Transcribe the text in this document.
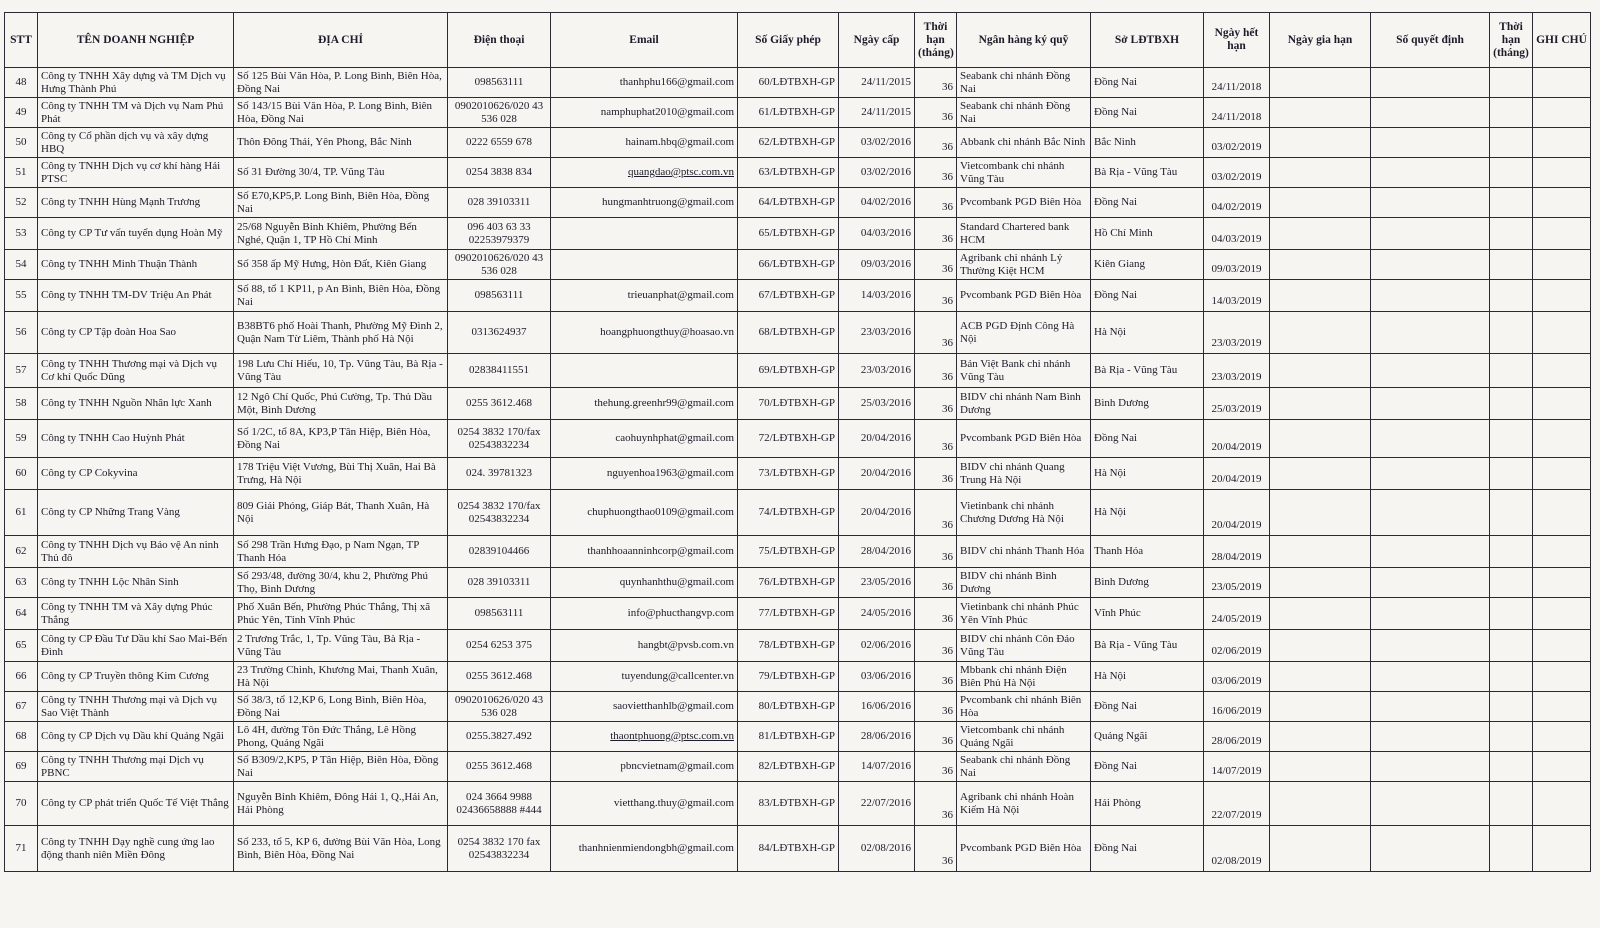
STT	TÊN DOANH NGHIỆP	ĐỊA CHỈ	Điện thoại	Email	Số Giấy phép	Ngày cấp	Thời hạn (tháng)	Ngân hàng ký quỹ	Sở LĐTBXH	Ngày hết hạn	Ngày gia hạn	Số quyết định	Thời hạn (tháng)	GHI CHÚ
48	Công ty TNHH Xây dựng và TM Dịch vụ Hưng Thành Phú	Số 125 Bùi Văn Hòa, P. Long Bình, Biên Hòa, Đồng Nai	098563111	thanhphu166@gmail.com	60/LĐTBXH-GP	24/11/2015	36	Seabank chi nhánh Đồng Nai	Đồng Nai	24/11/2018				
49	Công ty TNHH TM và Dịch vụ Nam Phú Phát	Số 143/15 Bùi Văn Hòa, P. Long Bình, Biên Hòa, Đồng Nai	0902010626/020 43 536 028	namphuphat2010@gmail.com	61/LĐTBXH-GP	24/11/2015	36	Seabank chi nhánh Đồng Nai	Đồng Nai	24/11/2018				
50	Công ty Cổ phần dịch vụ và xây dựng HBQ	Thôn Đông Thái, Yên Phong, Bắc Ninh	0222 6559 678	hainam.hbq@gmail.com	62/LĐTBXH-GP	03/02/2016	36	Abbank chi nhánh Bắc Ninh	Bắc Ninh	03/02/2019				
51	Công ty TNHH Dịch vụ cơ khí hàng Hải PTSC	Số 31 Đường 30/4, TP. Vũng Tàu	0254 3838 834	quangdao@ptsc.com.vn	63/LĐTBXH-GP	03/02/2016	36	Vietcombank chi nhánh Vũng Tàu	Bà Rịa - Vũng Tàu	03/02/2019				
52	Công ty TNHH Hùng Mạnh Trương	Số E70,KP5,P. Long Bình, Biên Hòa, Đồng Nai	028 39103311	hungmanhtruong@gmail.com	64/LĐTBXH-GP	04/02/2016	36	Pvcombank PGD Biên Hòa	Đồng Nai	04/02/2019				
53	Công ty CP Tư vấn tuyển dụng Hoàn Mỹ	25/68 Nguyễn Bỉnh Khiêm, Phường Bến Nghé, Quận 1, TP Hồ Chí Minh	096 403 63 33 02253979379		65/LĐTBXH-GP	04/03/2016	36	Standard Chartered bank HCM	Hồ Chí Minh	04/03/2019				
54	Công ty TNHH Minh Thuận Thành	Số 358 ấp Mỹ Hưng, Hòn Đất, Kiên Giang	0902010626/020 43 536 028		66/LĐTBXH-GP	09/03/2016	36	Agribank chi nhánh Lý Thường Kiệt HCM	Kiên Giang	09/03/2019				
55	Công ty TNHH TM-DV Triệu An Phát	Số 88, tổ 1 KP11, p An Bình, Biên Hòa, Đồng Nai	098563111	trieuanphat@gmail.com	67/LĐTBXH-GP	14/03/2016	36	Pvcombank PGD Biên Hòa	Đồng Nai	14/03/2019				
56	Công ty CP Tập đoàn Hoa Sao	B38BT6 phố Hoài Thanh, Phường Mỹ Đình 2, Quận Nam Từ Liêm, Thành phố Hà Nội	0313624937	hoangphuongthuy@hoasao.vn	68/LĐTBXH-GP	23/03/2016	36	ACB PGD Định Công Hà Nội	Hà Nội	23/03/2019				
57	Công ty TNHH Thương mại và Dịch vụ Cơ khí Quốc Dũng	198 Lưu Chí Hiếu, 10, Tp. Vũng Tàu, Bà Rịa - Vũng Tàu	02838411551		69/LĐTBXH-GP	23/03/2016	36	Bản Việt Bank chi nhánh Vũng Tàu	Bà Rịa - Vũng Tàu	23/03/2019				
58	Công ty TNHH Nguồn Nhân lực Xanh	12 Ngô Chí Quốc, Phú Cường, Tp. Thủ Dầu Một, Bình Dương	0255 3612.468	thehung.greenhr99@gmail.com	70/LĐTBXH-GP	25/03/2016	36	BIDV chi nhánh Nam Bình Dương	Bình Dương	25/03/2019				
59	Công ty TNHH Cao Huỳnh Phát	Số 1/2C, tổ 8A, KP3,P Tân Hiệp, Biên Hòa, Đồng Nai	0254 3832 170/fax 02543832234	caohuynhphat@gmail.com	72/LĐTBXH-GP	20/04/2016	36	Pvcombank PGD Biên Hòa	Đồng Nai	20/04/2019				
60	Công ty CP Cokyvina	178 Triệu Việt Vương, Bùi Thị Xuân, Hai Bà Trưng, Hà Nội	024. 39781323	nguyenhoa1963@gmail.com	73/LĐTBXH-GP	20/04/2016	36	BIDV chi nhánh Quang Trung Hà Nội	Hà Nội	20/04/2019				
61	Công ty CP Những Trang Vàng	809 Giải Phóng, Giáp Bát, Thanh Xuân, Hà Nội	0254 3832 170/fax 02543832234	chuphuongthao0109@gmail.com	74/LĐTBXH-GP	20/04/2016	36	Vietinbank chi nhánh Chương Dương Hà Nội	Hà Nội	20/04/2019				
62	Công ty TNHH Dịch vụ Bảo vệ An ninh Thủ đô	Số 298 Trần Hưng Đạo, p Nam Ngạn, TP Thanh Hóa	02839104466	thanhhoaanninhcorp@gmail.com	75/LĐTBXH-GP	28/04/2016	36	BIDV chi nhánh Thanh Hóa	Thanh Hóa	28/04/2019				
63	Công ty TNHH Lộc Nhân Sinh	Số 293/48, đường 30/4, khu 2, Phường Phú Thọ, Bình Dương	028 39103311	quynhanhthu@gmail.com	76/LĐTBXH-GP	23/05/2016	36	BIDV chi nhánh Bình Dương	Bình Dương	23/05/2019				
64	Công ty TNHH TM và Xây dựng Phúc Thắng	Phố Xuân Bến, Phường Phúc Thắng, Thị xã Phúc Yên, Tỉnh Vĩnh Phúc	098563111	info@phucthangvp.com	77/LĐTBXH-GP	24/05/2016	36	Vietinbank chi nhánh Phúc Yên Vĩnh Phúc	Vĩnh Phúc	24/05/2019				
65	Công ty CP Đầu Tư Dầu khí Sao Mai-Bến Đình	2 Trương Trắc, 1, Tp. Vũng Tàu, Bà Rịa - Vũng Tàu	0254 6253 375	hangbt@pvsb.com.vn	78/LĐTBXH-GP	02/06/2016	36	BIDV chi nhánh Côn Đảo Vũng Tàu	Bà Rịa - Vũng Tàu	02/06/2019				
66	Công ty CP Truyền thông Kim Cương	23 Trường Chinh, Khương Mai, Thanh Xuân, Hà Nội	0255 3612.468	tuyendung@callcenter.vn	79/LĐTBXH-GP	03/06/2016	36	Mbbank chi nhánh Điện Biên Phủ Hà Nội	Hà Nội	03/06/2019				
67	Công ty TNHH Thương mại và Dịch vụ Sao Việt Thành	Số 38/3, tổ 12,KP 6, Long Bình, Biên Hòa, Đồng Nai	0902010626/020 43 536 028	saovietthanhlb@gmail.com	80/LĐTBXH-GP	16/06/2016	36	Pvcombank chi nhánh Biên Hòa	Đồng Nai	16/06/2019				
68	Công ty CP Dịch vụ Dầu khí Quảng Ngãi	Lô 4H, đường Tôn Đức Thắng, Lê Hồng Phong, Quảng Ngãi	0255.3827.492	thaontphuong@ptsc.com.vn	81/LĐTBXH-GP	28/06/2016	36	Vietcombank chi nhánh Quảng Ngãi	Quảng Ngãi	28/06/2019				
69	Công ty TNHH Thương mại Dịch vụ PBNC	Số B309/2,KP5, P Tân Hiệp, Biên Hòa, Đồng Nai	0255 3612.468	pbncvietnam@gmail.com	82/LĐTBXH-GP	14/07/2016	36	Seabank chi nhánh Đồng Nai	Đồng Nai	14/07/2019				
70	Công ty CP phát triển Quốc Tế Việt Thắng	Nguyễn Bỉnh Khiêm, Đông Hải 1, Q.,Hải An, Hải Phòng	024 3664 9988 02436658888 #444	vietthang.thuy@gmail.com	83/LĐTBXH-GP	22/07/2016	36	Agribank chi nhánh Hoàn Kiếm Hà Nội	Hải Phòng	22/07/2019				
71	Công ty TNHH Dạy nghề cung ứng lao động thanh niên Miền Đông	Số 233, tổ 5, KP 6, đường Bùi Văn Hòa, Long Bình, Biên Hòa, Đồng Nai	0254 3832 170 fax 02543832234	thanhnienmiendongbh@gmail.com	84/LĐTBXH-GP	02/08/2016	36	Pvcombank PGD Biên Hòa	Đồng Nai	02/08/2019				
